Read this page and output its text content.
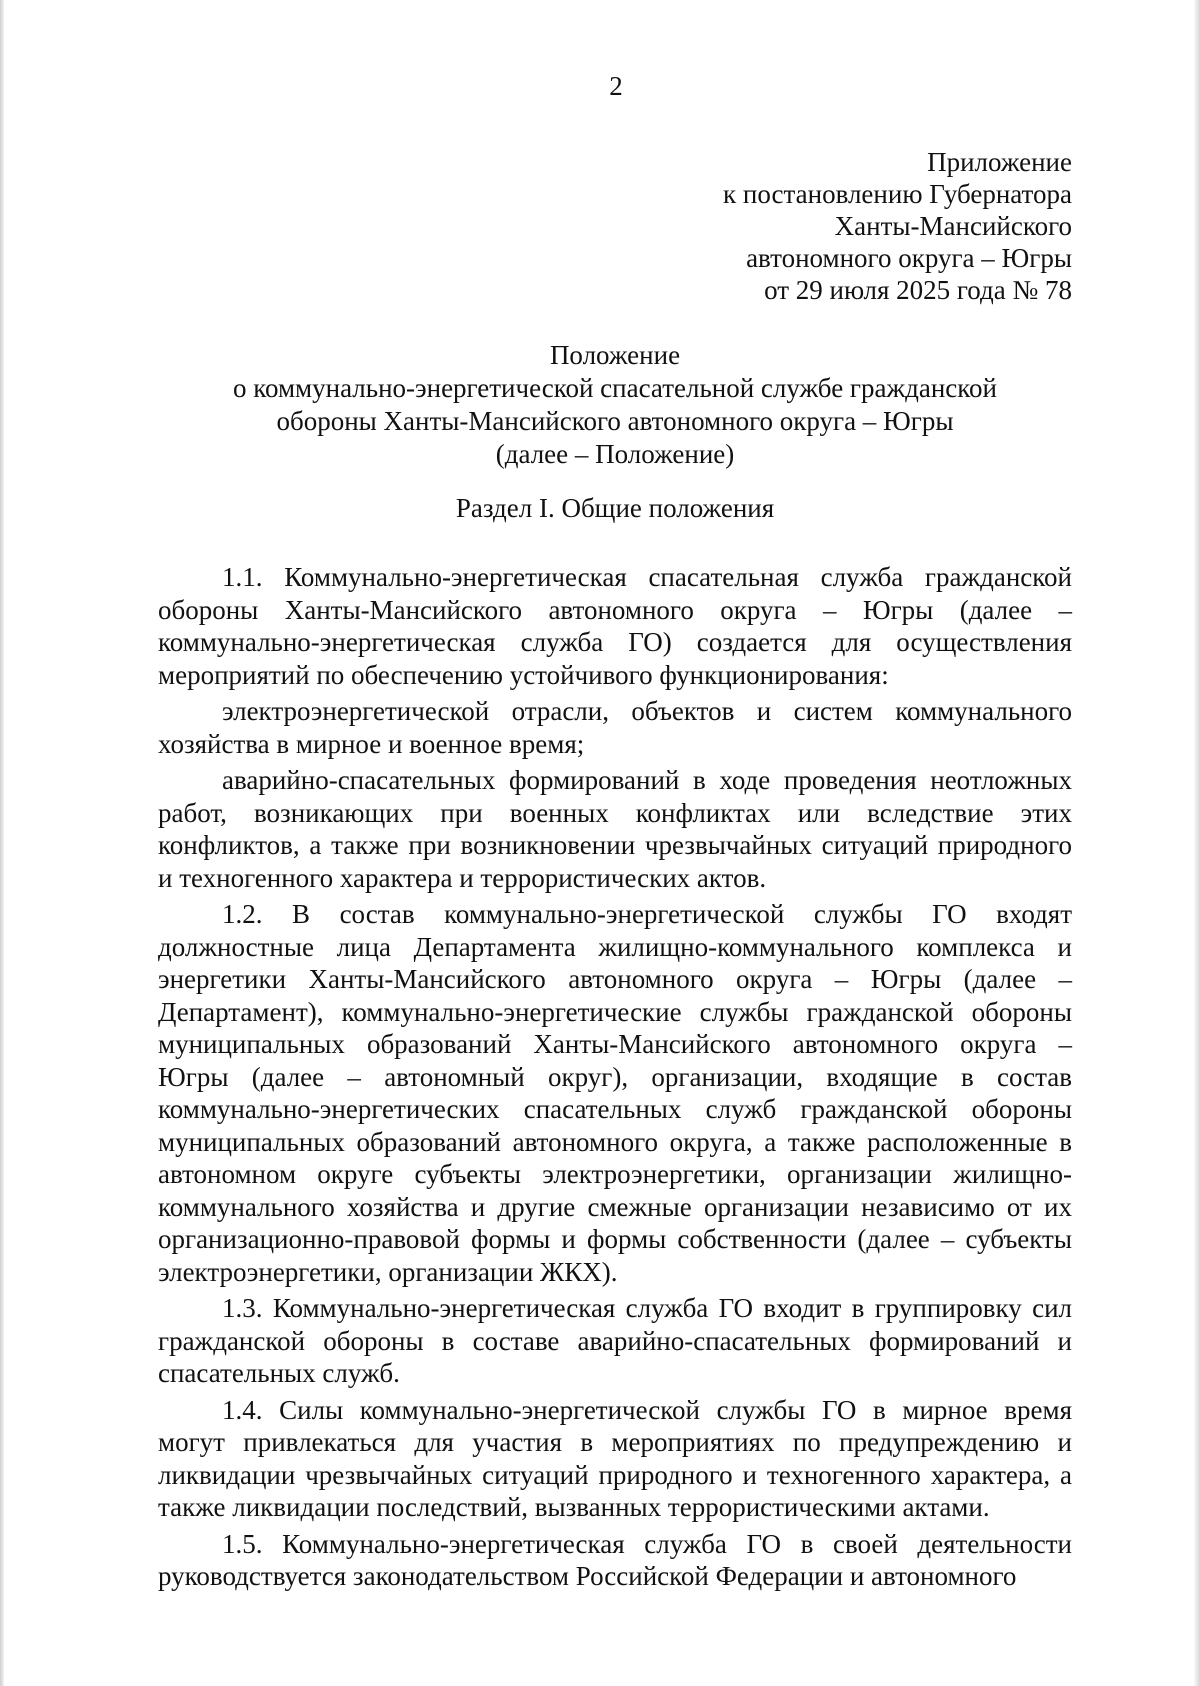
2
Приложение
к постановлению Губернатора
Ханты-Мансийского
автономного округа – Югры
от 29 июля 2025 года № 78
Положение
о коммунально-энергетической спасательной службе гражданской
обороны Ханты-Мансийского автономного округа – Югры
(далее – Положение)
Раздел I. Общие положения

1.1. Коммунально-энергетическая спасательная служба гражданской обороны Ханты-Мансийского автономного округа – Югры (далее – коммунально-энергетическая служба ГО) создается для осуществления мероприятий по обеспечению устойчивого функционирования:

электроэнергетической отрасли, объектов и систем коммунального хозяйства в мирное и военное время;

аварийно-спасательных формирований в ходе проведения неотложных работ, возникающих при военных конфликтах или вследствие этих конфликтов, а также при возникновении чрезвычайных ситуаций природного и техногенного характера и террористических актов.

1.2. В состав коммунально-энергетической службы ГО входят должностные лица Департамента жилищно-коммунального комплекса и энергетики Ханты-Мансийского автономного округа – Югры (далее – Департамент), коммунально-энергетические службы гражданской обороны муниципальных образований Ханты-Мансийского автономного округа – Югры (далее – автономный округ), организации, входящие в состав коммунально-энергетических спасательных служб гражданской обороны муниципальных образований автономного округа, а также расположенные в автономном округе субъекты электроэнергетики, организации жилищно-коммунального хозяйства и другие смежные организации независимо от их организационно-правовой формы и формы собственности (далее – субъекты электроэнергетики, организации ЖКХ).

1.3. Коммунально-энергетическая служба ГО входит в группировку сил гражданской обороны в составе аварийно-спасательных формирований и спасательных служб.

1.4. Силы коммунально-энергетической службы ГО в мирное время могут привлекаться для участия в мероприятиях по предупреждению и ликвидации чрезвычайных ситуаций природного и техногенного характера, а также ликвидации последствий, вызванных террористическими актами.

1.5. Коммунально-энергетическая служба ГО в своей деятельности руководствуется законодательством Российской Федерации и автономного
